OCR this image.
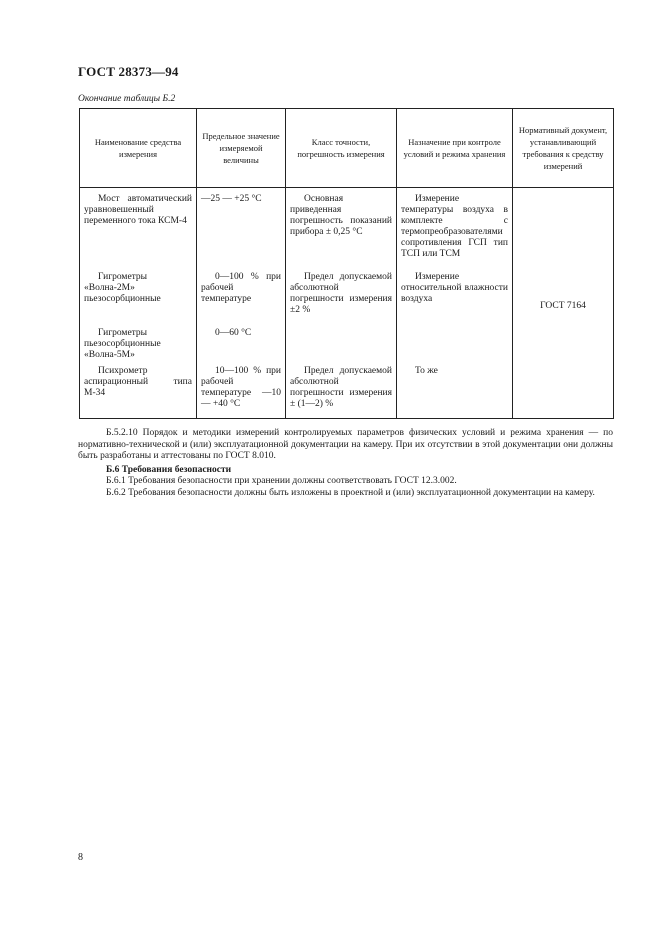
ГОСТ 28373—94
Окончание таблицы Б.2
Наименование средства измерения	Предельное значение измеряемой величины	Класс точности, погрешность измерения	Назначение при контроле условий и режима хранения	Нормативный документ, устанавливающий требования к средству измерений
Мост автоматический уравновешенный переменного тока КСМ-4	—25 — +25 °С	Основная приведенная погрешность показаний прибора ± 0,25 °С	Измерение температуры воздуха в комплекте с термопреобразователями сопротивления ГСП тип ТСП или ТСМ	ГОСТ 7164
Гигрометры «Волна-2М» пьезосорбционные	0—100 % при рабочей температуре	Предел допускаемой абсолютной погрешности измерения ±2 %	Измерение относительной влажности воздуха	
Гигрометры пьезосорбционные «Волна-5М»	0—60 °С			
Психрометр аспирационный типа М-34	10—100 % при рабочей температуре —10 — +40 °С	Предел допускаемой абсолютной погрешности измерения ± (1—2) %	То же	

Б.5.2.10 Порядок и методики измерений контролируемых параметров физических условий и режима хранения — по нормативно-технической и (или) эксплуатационной документации на камеру. При их отсутствии в этой документации они должны быть разработаны и аттестованы по ГОСТ 8.010.

Б.6 Требования безопасности

Б.6.1 Требования безопасности при хранении должны соответствовать ГОСТ 12.3.002.

Б.6.2 Требования безопасности должны быть изложены в проектной и (или) эксплуатационной документации на камеру.

8
